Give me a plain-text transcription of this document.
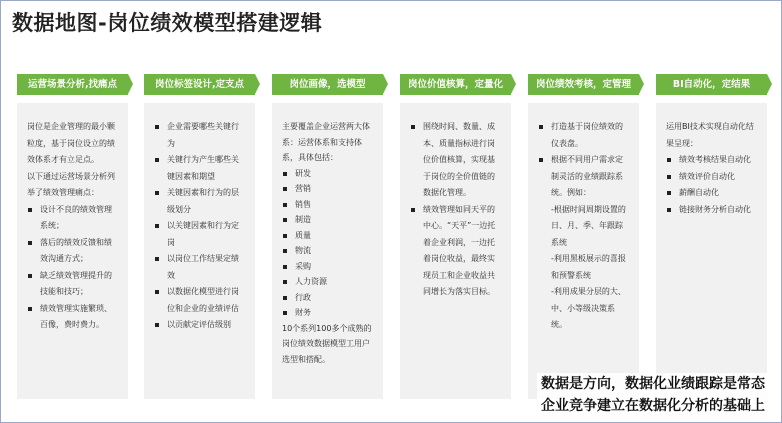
数据地图-岗位绩效模型搭建逻辑
运营场景分析,找痛点

岗位是企业管理的最小颗粒度，基于岗位设立的绩效体系才有立足点。

以下通过运营场景分析列举了绩效管理痛点：

设计不良的绩效管理系统；
落后的绩效反馈和绩效沟通方式；
缺乏绩效管理提升的技能和技巧；
绩效管理实施繁琐、百像，费时费力。
岗位标签设计,定支点
企业需要哪些关键行为
关键行为产生哪些关键因素和期望
关键因素和行为的层级划分
以关键因素和行为定岗
以岗位工作结果定绩效
以数据化模型进行岗位和企业的业绩评估
以贡献定评估级别
岗位画像，选模型

主要覆盖企业运营两大体系：运营体系和支持体系，具体包括：

研发
营销
销售
制造
质量
物流
采购
人力资源
行政
财务

10个系列100多个成熟的岗位绩效数据模型工用户选型和搭配。

岗位价值核算，定量化
围绕时间、数量、成本、质量指标进行岗位价值核算，实现基于岗位的全价值链的数据化管理。
绩效管理如同天平的中心。“天平”一边托着企业利润，一边托着岗位收益，最终实现员工和企业收益共同增长为落实目标。
岗位绩效考核，定管理
打造基于岗位绩效的仪表盘。
根据不同用户需求定制灵活的业绩跟踪系统。例如：
-根据时间周期设置的日、月、季、年跟踪系统
-利用黑板展示的喜报和预警系统
-利用成果分层的大、中、小等级决策系统。
BI自动化，定结果

运用BI技术实现自动化结果呈现：

绩效考核结果自动化
绩效评价自动化
薪酬自动化
链接财务分析自动化
数据是方向，数据化业绩跟踪是常态
企业竞争建立在数据化分析的基础上
